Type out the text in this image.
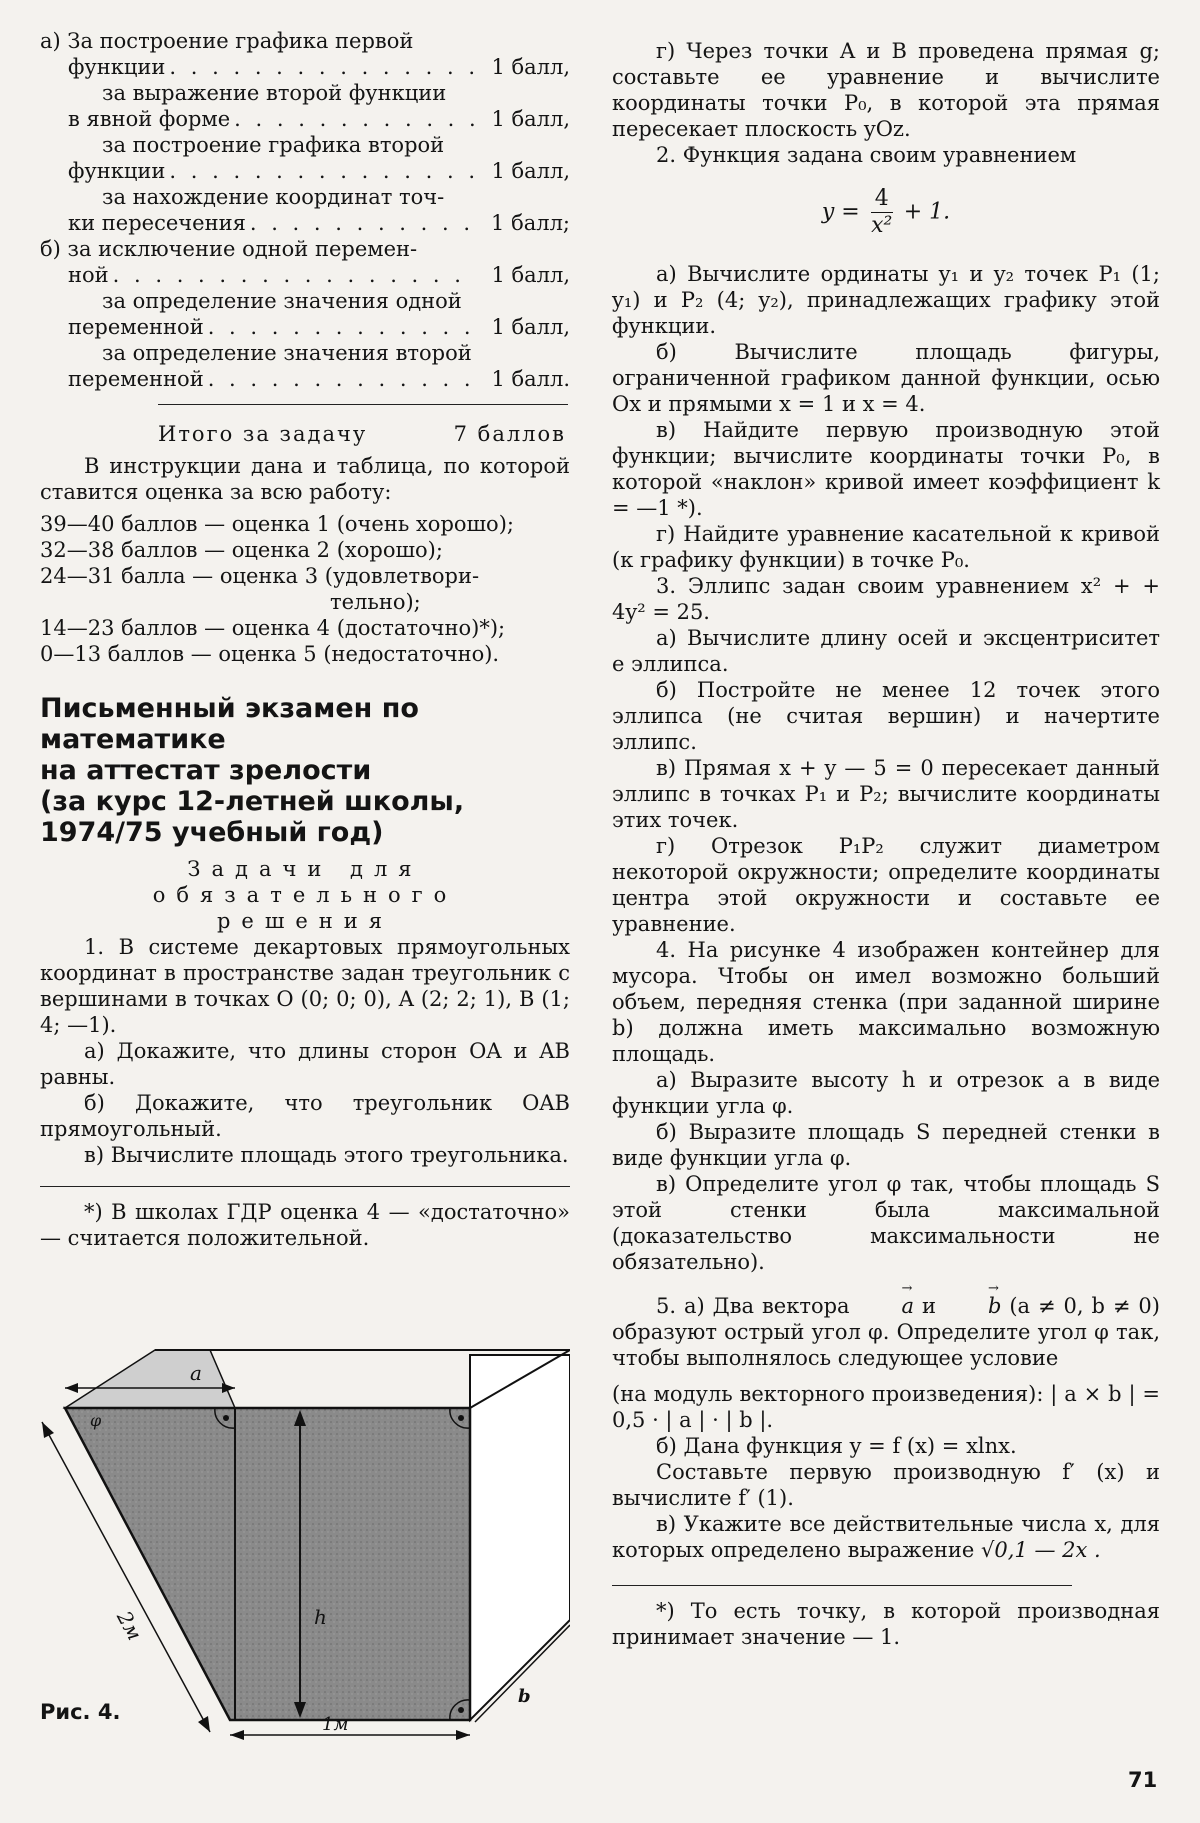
а) За построение графика первой
функции . . .	1 балл,
за выражение второй функции
в явной форме . . .	1 балл,
за построение графика второй
функции . . .	1 балл,
за нахождение координат точ-
ки пересечения . . .	1 балл;
б) за исключение одной перемен-
ной . . .	1 балл,
за определение значения одной
переменной . . .	1 балл,
за определение значения второй
переменной . . .	1 балл.
Итого за задачу	7 баллов

В инструкции дана и таблица, по которой ставится оценка за всю работу:

39—40 баллов — оценка 1 (очень хорошо);
32—38 баллов — оценка 2 (хорошо);
24—31 балла — оценка 3 (удовлетвори-
тельно);
14—23 баллов — оценка 4 (достаточно)*);
0—13 баллов — оценка 5 (недостаточно).
Письменный экзамен по математике
на аттестат зрелости
(за курс 12-летней школы,
1974/75 учебный год)
Задачи для обязательного
решения

1. В системе декартовых прямоугольных координат в пространстве задан треугольник с вершинами в точках O (0; 0; 0), A (2; 2; 1), B (1; 4; —1).

а) Докажите, что длины сторон OA и AB равны.

б) Докажите, что треугольник OAB прямоугольный.

в) Вычислите площадь этого треугольника.

*) В школах ГДР оценка 4 — «достаточно» — считается положительной.

h
a
φ
2м
1м
b
Рис. 4.

г) Через точки A и B проведена прямая g; составьте ее уравнение и вычислите координаты точки P₀, в которой эта прямая пересекает плоскость yOz.

2. Функция задана своим уравнением

$y = \frac{4}{\text{x²}} + 1$.

а) Вычислите ординаты y₁ и y₂ точек P₁ (1; y₁) и P₂ (4; y₂), принадлежащих графику этой функции.

б) Вычислите площадь фигуры, ограниченной графиком данной функции, осью Ox и прямыми x = 1 и x = 4.

в) Найдите первую производную этой функции; вычислите координаты точки P₀, в которой «наклон» кривой имеет коэффициент k = —1 *).

г) Найдите уравнение касательной к кривой (к графику функции) в точке P₀.

3. Эллипс задан своим уравнением x² + + 4y² = 25.

а) Вычислите длину осей и эксцентриситет e эллипса.

б) Постройте не менее 12 точек этого эллипса (не считая вершин) и начертите эллипс.

в) Прямая x + y — 5 = 0 пересекает данный эллипс в точках P₁ и P₂; вычислите координаты этих точек.

г) Отрезок P₁P₂ служит диаметром некоторой окружности; определите координаты центра этой окружности и составьте ее уравнение.

4. На рисунке 4 изображен контейнер для мусора. Чтобы он имел возможно больший объем, передняя стенка (при заданной ширине b) должна иметь максимально возможную площадь.

а) Выразите высоту h и отрезок a в виде функции угла φ.

б) Выразите площадь S передней стенки в виде функции угла φ.

в) Определите угол φ так, чтобы площадь S этой стенки была максимальной (доказательство максимальности не обязательно).

5. а) Два вектора → a и → b (a ≠ 0, b ≠ 0) образуют острый угол φ. Определите угол φ так, чтобы выполнялось следующее условие

(на модуль векторного произведения): | a × b | = 0,5 · | a | · | b |.

б) Дана функция y = f (x) = xlnx.

Составьте первую производную f′ (x) и вычислите f′ (1).

в) Укажите все действительные числа x, для которых определено выражение √0,1 — 2x .

*) То есть точку, в которой производная принимает значение — 1.

71
